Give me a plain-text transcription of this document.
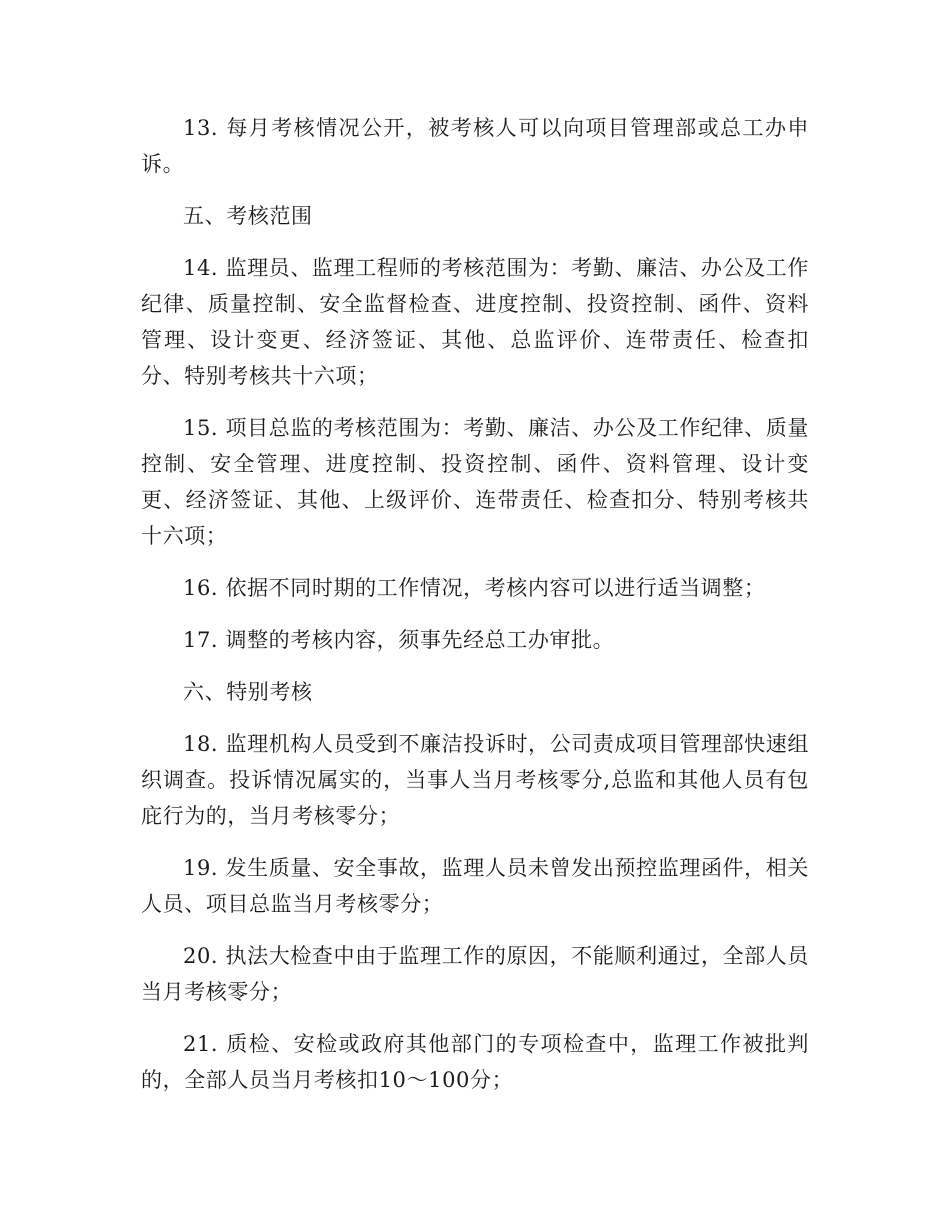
13. 每月考核情况公开，被考核人可以向项目管理部或总工办申诉。

五、考核范围

14. 监理员、监理工程师的考核范围为：考勤、廉洁、办公及工作纪律、质量控制、安全监督检查、进度控制、投资控制、函件、资料管理、设计变更、经济签证、其他、总监评价、连带责任、检查扣分、特别考核共十六项；

15. 项目总监的考核范围为：考勤、廉洁、办公及工作纪律、质量控制、安全管理、进度控制、投资控制、函件、资料管理、设计变更、经济签证、其他、上级评价、连带责任、检查扣分、特别考核共十六项；

16. 依据不同时期的工作情况，考核内容可以进行适当调整；

17. 调整的考核内容，须事先经总工办审批。

六、特别考核

18. 监理机构人员受到不廉洁投诉时，公司责成项目管理部快速组织调查。投诉情况属实的，当事人当月考核零分,总监和其他人员有包庇行为的，当月考核零分；

19. 发生质量、安全事故，监理人员未曾发出预控监理函件，相关人员、项目总监当月考核零分；

20. 执法大检查中由于监理工作的原因，不能顺利通过，全部人员当月考核零分；

21. 质检、安检或政府其他部门的专项检查中，监理工作被批判的，全部人员当月考核扣10～100分；
